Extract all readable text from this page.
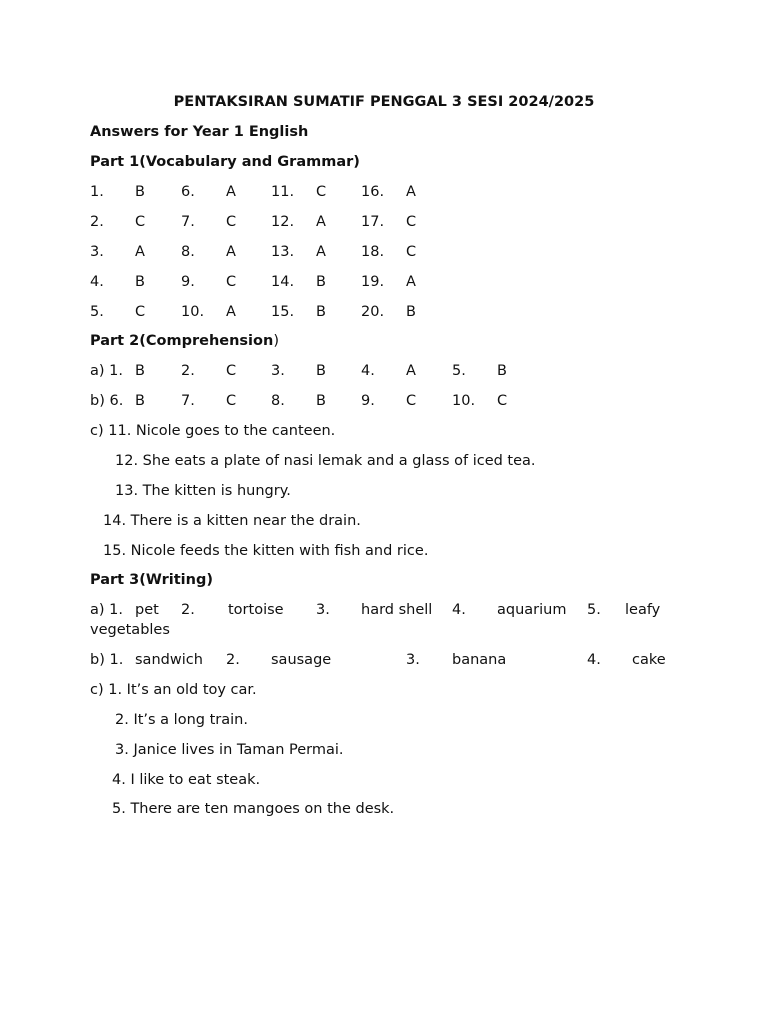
PENTAKSIRAN SUMATIF PENGGAL 3 SESI 2024/2025
Answers for Year 1 English
Part 1(Vocabulary and Grammar)
1. B 6. A 11. C 16. A
2. C 7. C 12. A 17. C
3. A 8. A 13. A 18. C
4. B 9. C 14. B 19. A
5. C 10. A 15. B 20. B
Part 2(Comprehension)
a) 1. B 2. C 3. B 4. A 5. B
b) 6. B 7. C 8. B 9. C 10. C
c) 11. Nicole goes to the canteen.
12. She eats a plate of nasi lemak and a glass of iced tea.
13. The kitten is hungry.
14. There is a kitten near the drain.
15. Nicole feeds the kitten with fish and rice.
Part 3(Writing)
a) 1. pet 2. tortoise 3. hard shell 4. aquarium 5. leafy
vegetables
b) 1. sandwich 2. sausage	3. banana	4. cake
c) 1. It’s an old toy car.
2. It’s a long train.
3. Janice lives in Taman Permai.
4. I like to eat steak.
5. There are ten mangoes on the desk.
